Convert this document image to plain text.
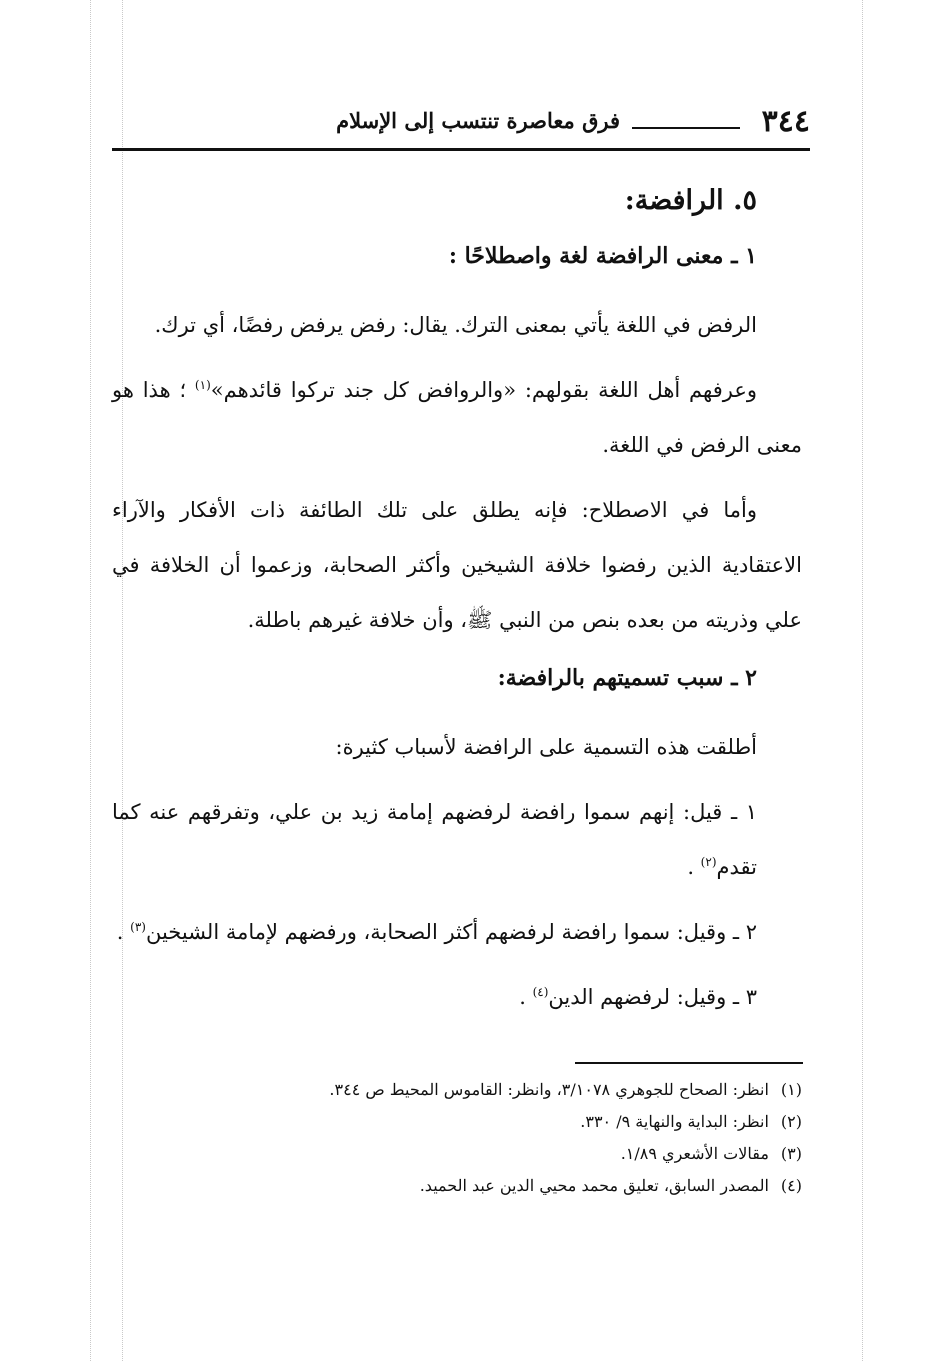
٣٤٤
فرق معاصرة تنتسب إلى الإسلام
٥. الرافضة:
١ ـ معنى الرافضة لغة واصطلاحًا :

الرفض في اللغة يأتي بمعنى الترك. يقال: رفض يرفض رفضًا، أي ترك.

وعرفهم أهل اللغة بقولهم: «والروافض كل جند تركوا قائدهم»$^{(١)}$ ؛ هذا هو معنى الرفض في اللغة.

وأما في الاصطلاح: فإنه يطلق على تلك الطائفة ذات الأفكار والآراء الاعتقادية الذين رفضوا خلافة الشيخين وأكثر الصحابة، وزعموا أن الخلافة في علي وذريته من بعده بنص من النبي ﷺ، وأن خلافة غيرهم باطلة.

٢ ـ سبب تسميتهم بالرافضة:

أطلقت هذه التسمية على الرافضة لأسباب كثيرة:

١ ـ قيل: إنهم سموا رافضة لرفضهم إمامة زيد بن علي، وتفرقهم عنه كما تقدم$^{(٢)}$ .

٢ ـ وقيل: سموا رافضة لرفضهم أكثر الصحابة، ورفضهم لإمامة الشيخين$^{(٣)}$ .

٣ ـ وقيل: لرفضهم الدين$^{(٤)}$ .

(١)انظر: الصحاح للجوهري ٣/١٠٧٨، وانظر: القاموس المحيط ص ٣٤٤.

(٢)انظر: البداية والنهاية ٩/ ٣٣٠.

(٣)مقالات الأشعري ١/٨٩.

(٤)المصدر السابق، تعليق محمد محيي الدين عبد الحميد.
